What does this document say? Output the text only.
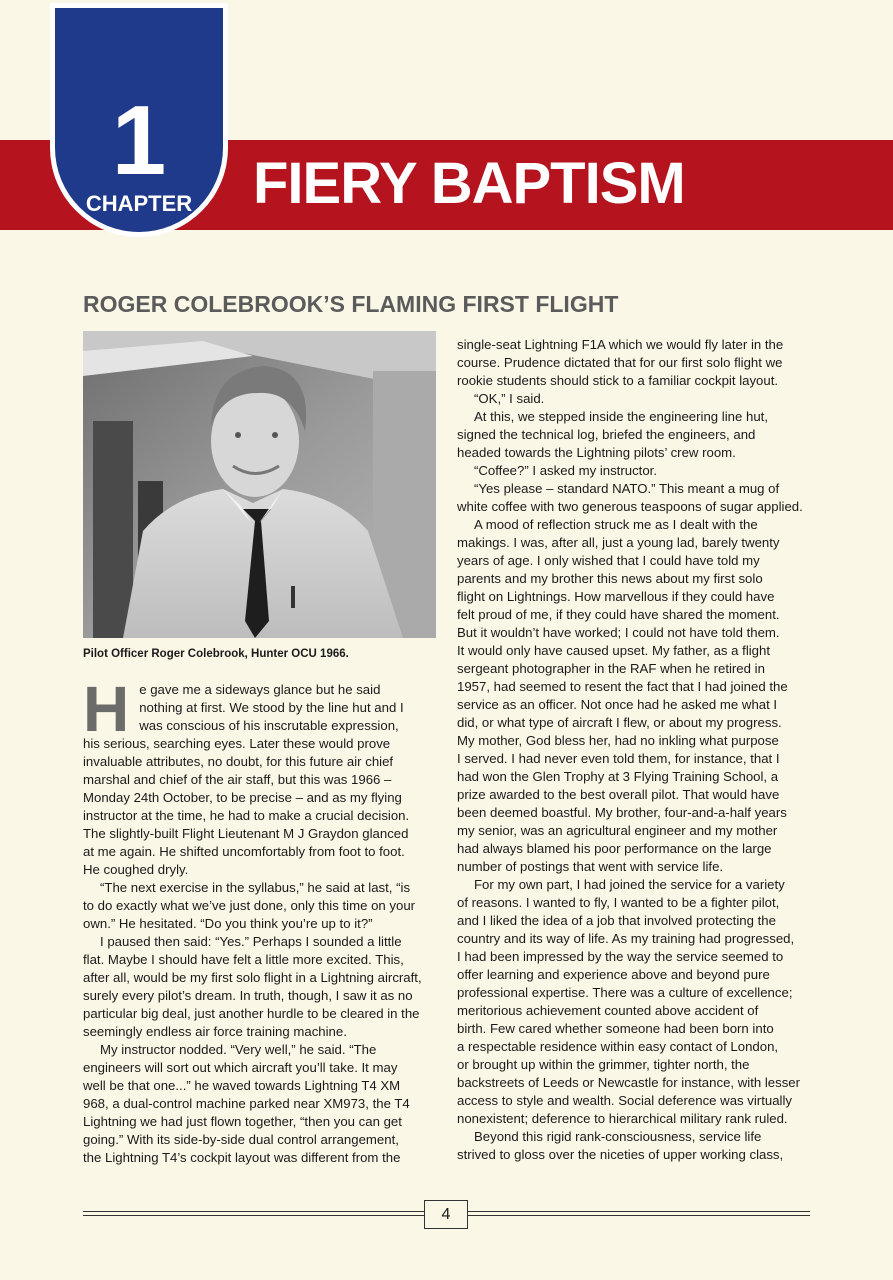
1
CHAPTER	FIERY BAPTISM
ROGER COLEBROOK’S FLAMING FIRST FLIGHT
Pilot Officer Roger Colebrook, Hunter OCU 1966.
H e gave me a sideways glance but he said

nothing at first. We stood by the line hut and I

was conscious of his inscrutable expression,

his serious, searching eyes. Later these would prove

invaluable attributes, no doubt, for this future air chief

marshal and chief of the air staff, but this was 1966 –

Monday 24th October, to be precise – and as my flying

instructor at the time, he had to make a crucial decision.

The slightly-built Flight Lieutenant M J Graydon glanced

at me again. He shifted uncomfortably from foot to foot.

He coughed dryly.

“The next exercise in the syllabus,” he said at last, “is

to do exactly what we’ve just done, only this time on your

own.” He hesitated. “Do you think you’re up to it?”

I paused then said: “Yes.” Perhaps I sounded a little

flat. Maybe I should have felt a little more excited. This,

after all, would be my first solo flight in a Lightning aircraft,

surely every pilot’s dream. In truth, though, I saw it as no

particular big deal, just another hurdle to be cleared in the

seemingly endless air force training machine.

My instructor nodded. “Very well,” he said. “The

engineers will sort out which aircraft you’ll take. It may

well be that one...” he waved towards Lightning T4 XM

968, a dual-control machine parked near XM973, the T4

Lightning we had just flown together, “then you can get

going.” With its side-by-side dual control arrangement,

the Lightning T4’s cockpit layout was different from the

single-seat Lightning F1A which we would fly later in the

course. Prudence dictated that for our first solo flight we

rookie students should stick to a familiar cockpit layout.

“OK,” I said.

At this, we stepped inside the engineering line hut,

signed the technical log, briefed the engineers, and

headed towards the Lightning pilots’ crew room.

“Coffee?” I asked my instructor.

“Yes please – standard NATO.” This meant a mug of

white coffee with two generous teaspoons of sugar applied.

A mood of reflection struck me as I dealt with the

makings. I was, after all, just a young lad, barely twenty

years of age. I only wished that I could have told my

parents and my brother this news about my first solo

flight on Lightnings. How marvellous if they could have

felt proud of me, if they could have shared the moment.

But it wouldn’t have worked; I could not have told them.

It would only have caused upset. My father, as a flight

sergeant photographer in the RAF when he retired in

1957, had seemed to resent the fact that I had joined the

service as an officer. Not once had he asked me what I

did, or what type of aircraft I flew, or about my progress.

My mother, God bless her, had no inkling what purpose

I served. I had never even told them, for instance, that I

had won the Glen Trophy at 3 Flying Training School, a

prize awarded to the best overall pilot. That would have

been deemed boastful. My brother, four-and-a-half years

my senior, was an agricultural engineer and my mother

had always blamed his poor performance on the large

number of postings that went with service life.

For my own part, I had joined the service for a variety

of reasons. I wanted to fly, I wanted to be a fighter pilot,

and I liked the idea of a job that involved protecting the

country and its way of life. As my training had progressed,

I had been impressed by the way the service seemed to

offer learning and experience above and beyond pure

professional expertise. There was a culture of excellence;

meritorious achievement counted above accident of

birth. Few cared whether someone had been born into

a respectable residence within easy contact of London,

or brought up within the grimmer, tighter north, the

backstreets of Leeds or Newcastle for instance, with lesser

access to style and wealth. Social deference was virtually

nonexistent; deference to hierarchical military rank ruled.

Beyond this rigid rank-consciousness, service life

strived to gloss over the niceties of upper working class,

4
